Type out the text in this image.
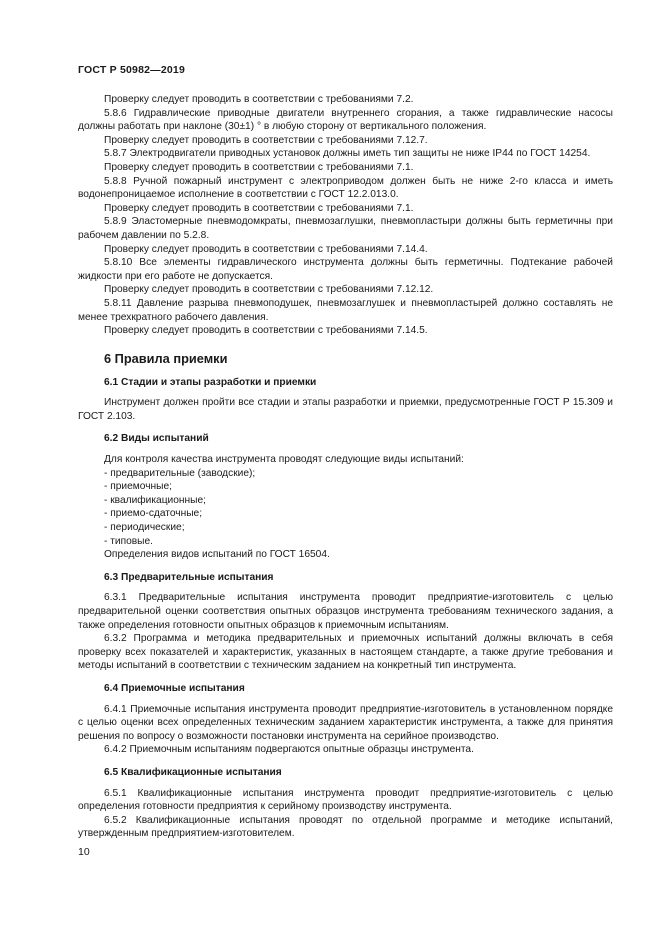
ГОСТ Р 50982—2019

Проверку следует проводить в соответствии с требованиями 7.2.

5.8.6 Гидравлические приводные двигатели внутреннего сгорания, а также гидравлические насосы должны работать при наклоне (30±1) ° в любую сторону от вертикального положения.

Проверку следует проводить в соответствии с требованиями 7.12.7.

5.8.7 Электродвигатели приводных установок должны иметь тип защиты не ниже IP44 по ГОСТ 14254.

Проверку следует проводить в соответствии с требованиями 7.1.

5.8.8 Ручной пожарный инструмент с электроприводом должен быть не ниже 2-го класса и иметь водонепроницаемое исполнение в соответствии с ГОСТ 12.2.013.0.

Проверку следует проводить в соответствии с требованиями 7.1.

5.8.9 Эластомерные пневмодомкраты, пневмозаглушки, пневмопластыри должны быть герметичны при рабочем давлении по 5.2.8.

Проверку следует проводить в соответствии с требованиями 7.14.4.

5.8.10 Все элементы гидравлического инструмента должны быть герметичны. Подтекание рабочей жидкости при его работе не допускается.

Проверку следует проводить в соответствии с требованиями 7.12.12.

5.8.11 Давление разрыва пневмоподушек, пневмозаглушек и пневмопластырей должно составлять не менее трехкратного рабочего давления.

Проверку следует проводить в соответствии с требованиями 7.14.5.

6 Правила приемки
6.1 Стадии и этапы разработки и приемки

Инструмент должен пройти все стадии и этапы разработки и приемки, предусмотренные ГОСТ Р 15.309 и ГОСТ 2.103.

6.2 Виды испытаний

Для контроля качества инструмента проводят следующие виды испытаний:

- предварительные (заводские);
- приемочные;
- квалификационные;
- приемо-сдаточные;
- периодические;
- типовые.

Определения видов испытаний по ГОСТ 16504.

6.3 Предварительные испытания

6.3.1 Предварительные испытания инструмента проводит предприятие-изготовитель с целью предварительной оценки соответствия опытных образцов инструмента требованиям технического задания, а также определения готовности опытных образцов к приемочным испытаниям.

6.3.2 Программа и методика предварительных и приемочных испытаний должны включать в себя проверку всех показателей и характеристик, указанных в настоящем стандарте, а также другие требования и методы испытаний в соответствии с техническим заданием на конкретный тип инструмента.

6.4 Приемочные испытания

6.4.1 Приемочные испытания инструмента проводит предприятие-изготовитель в установленном порядке с целью оценки всех определенных техническим заданием характеристик инструмента, а также для принятия решения по вопросу о возможности постановки инструмента на серийное производство.

6.4.2 Приемочным испытаниям подвергаются опытные образцы инструмента.

6.5 Квалификационные испытания

6.5.1 Квалификационные испытания инструмента проводит предприятие-изготовитель с целью определения готовности предприятия к серийному производству инструмента.

6.5.2 Квалификационные испытания проводят по отдельной программе и методике испытаний, утвержденным предприятием-изготовителем.

10
